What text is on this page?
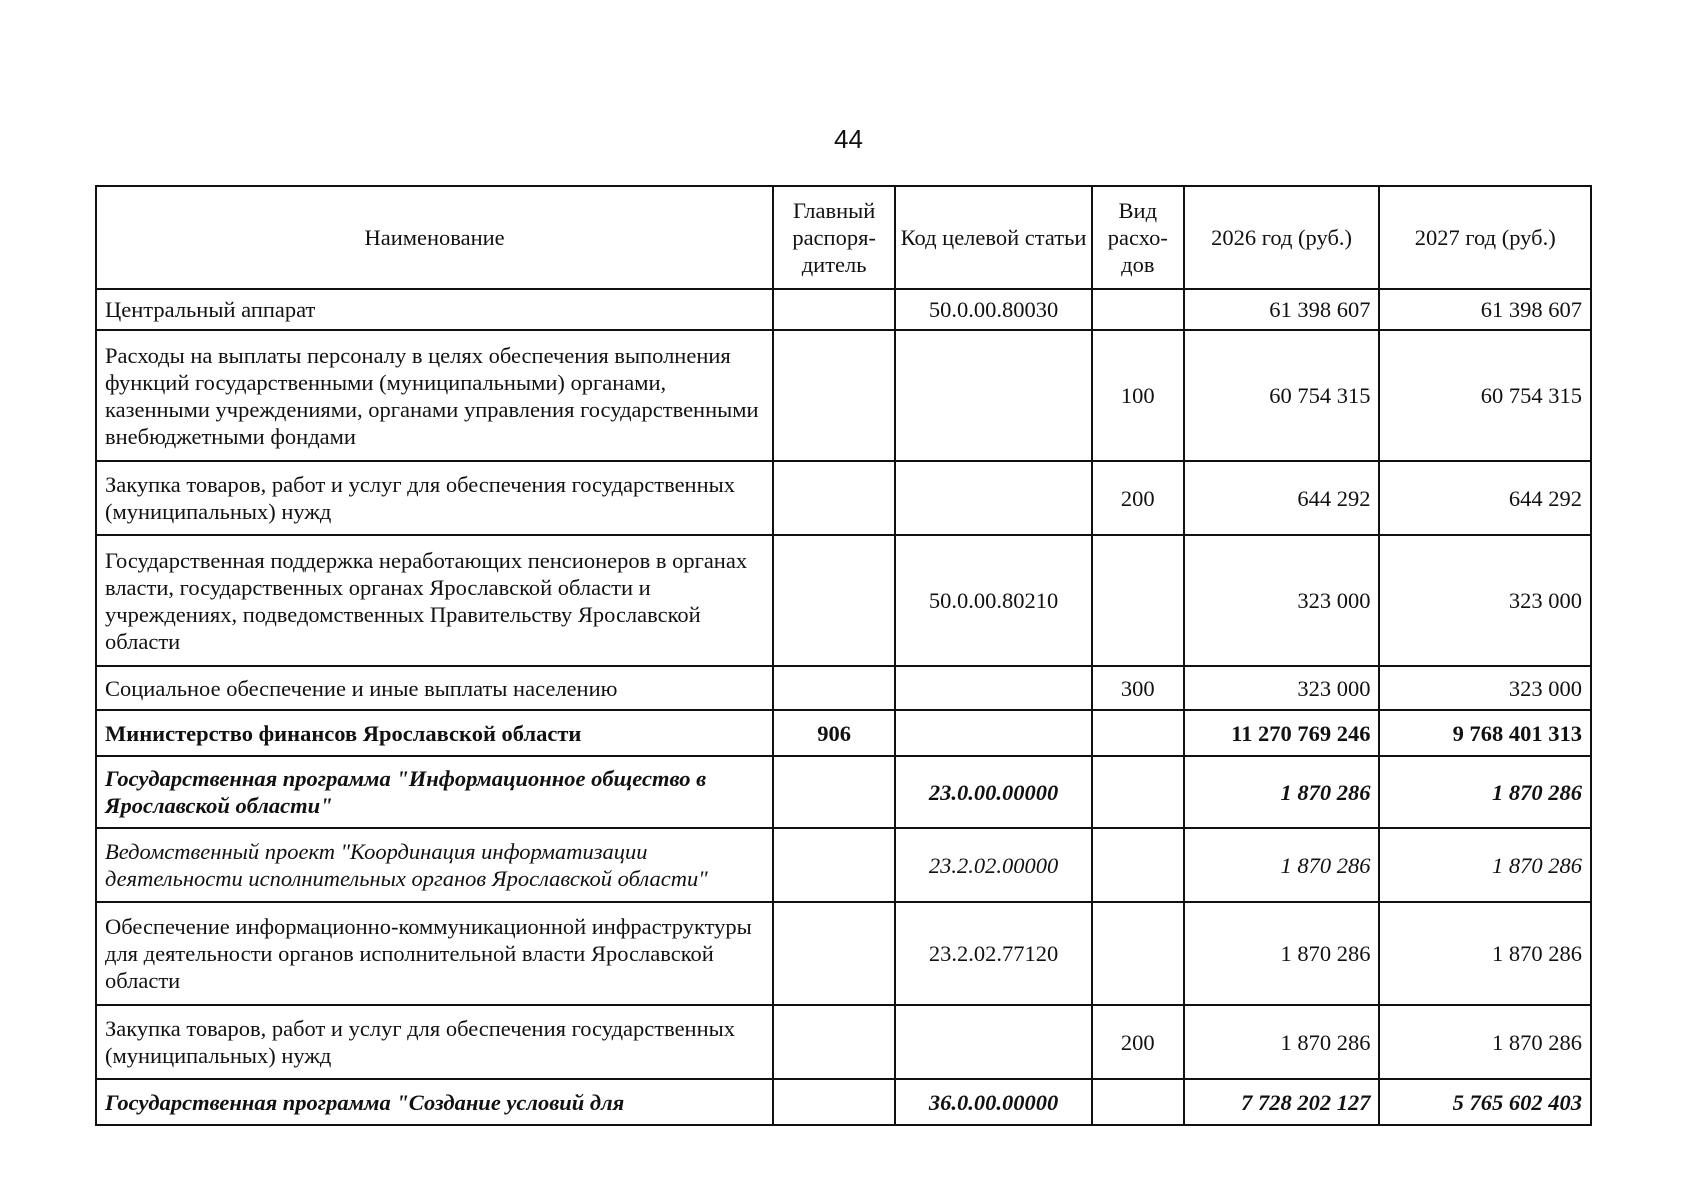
44
Наименование	Главный распоря- дитель	Код целевой статьи	Вид расхо- дов	2026 год (руб.)	2027 год (руб.)
Центральный аппарат		50.0.00.80030		61 398 607	61 398 607
Расходы на выплаты персоналу в целях обеспечения выполнения функций государственными (муниципальными) органами, казенными учреждениями, органами управления государственными внебюджетными фондами			100	60 754 315	60 754 315
Закупка товаров, работ и услуг для обеспечения государственных (муниципальных) нужд			200	644 292	644 292
Государственная поддержка неработающих пенсионеров в органах власти, государственных органах Ярославской области и учреждениях, подведомственных Правительству Ярославской области		50.0.00.80210		323 000	323 000
Социальное обеспечение и иные выплаты населению			300	323 000	323 000
Министерство финансов Ярославской области	906			11 270 769 246	9 768 401 313
Государственная программа "Информационное общество в Ярославской области"		23.0.00.00000		1 870 286	1 870 286
Ведомственный проект "Координация информатизации деятельности исполнительных органов Ярославской области"		23.2.02.00000		1 870 286	1 870 286
Обеспечение информационно-коммуникационной инфраструктуры для деятельности органов исполнительной власти Ярославской области		23.2.02.77120		1 870 286	1 870 286
Закупка товаров, работ и услуг для обеспечения государственных (муниципальных) нужд			200	1 870 286	1 870 286
Государственная программа "Создание условий для		36.0.00.00000		7 728 202 127	5 765 602 403
